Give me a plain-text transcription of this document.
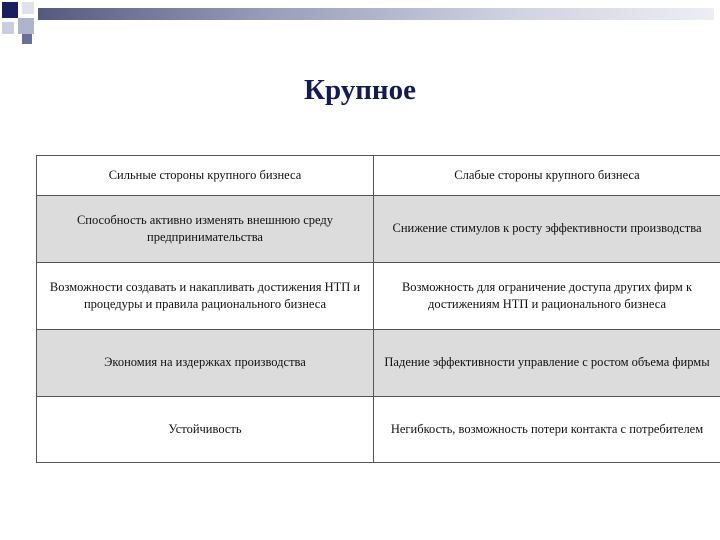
Крупное
Сильные стороны крупного бизнеса	Слабые стороны крупного бизнеса
Способность активно изменять внешнюю среду предпринимательства	Снижение стимулов к росту эффективности производства
Возможности создавать и накапливать достижения НТП и процедуры и правила рационального бизнеса	Возможность для ограничение доступа других фирм к достижениям НТП и рационального бизнеса
Экономия на издержках производства	Падение эффективности управление с ростом объема фирмы
Устойчивость	Негибкость, возможность потери контакта с потребителем
